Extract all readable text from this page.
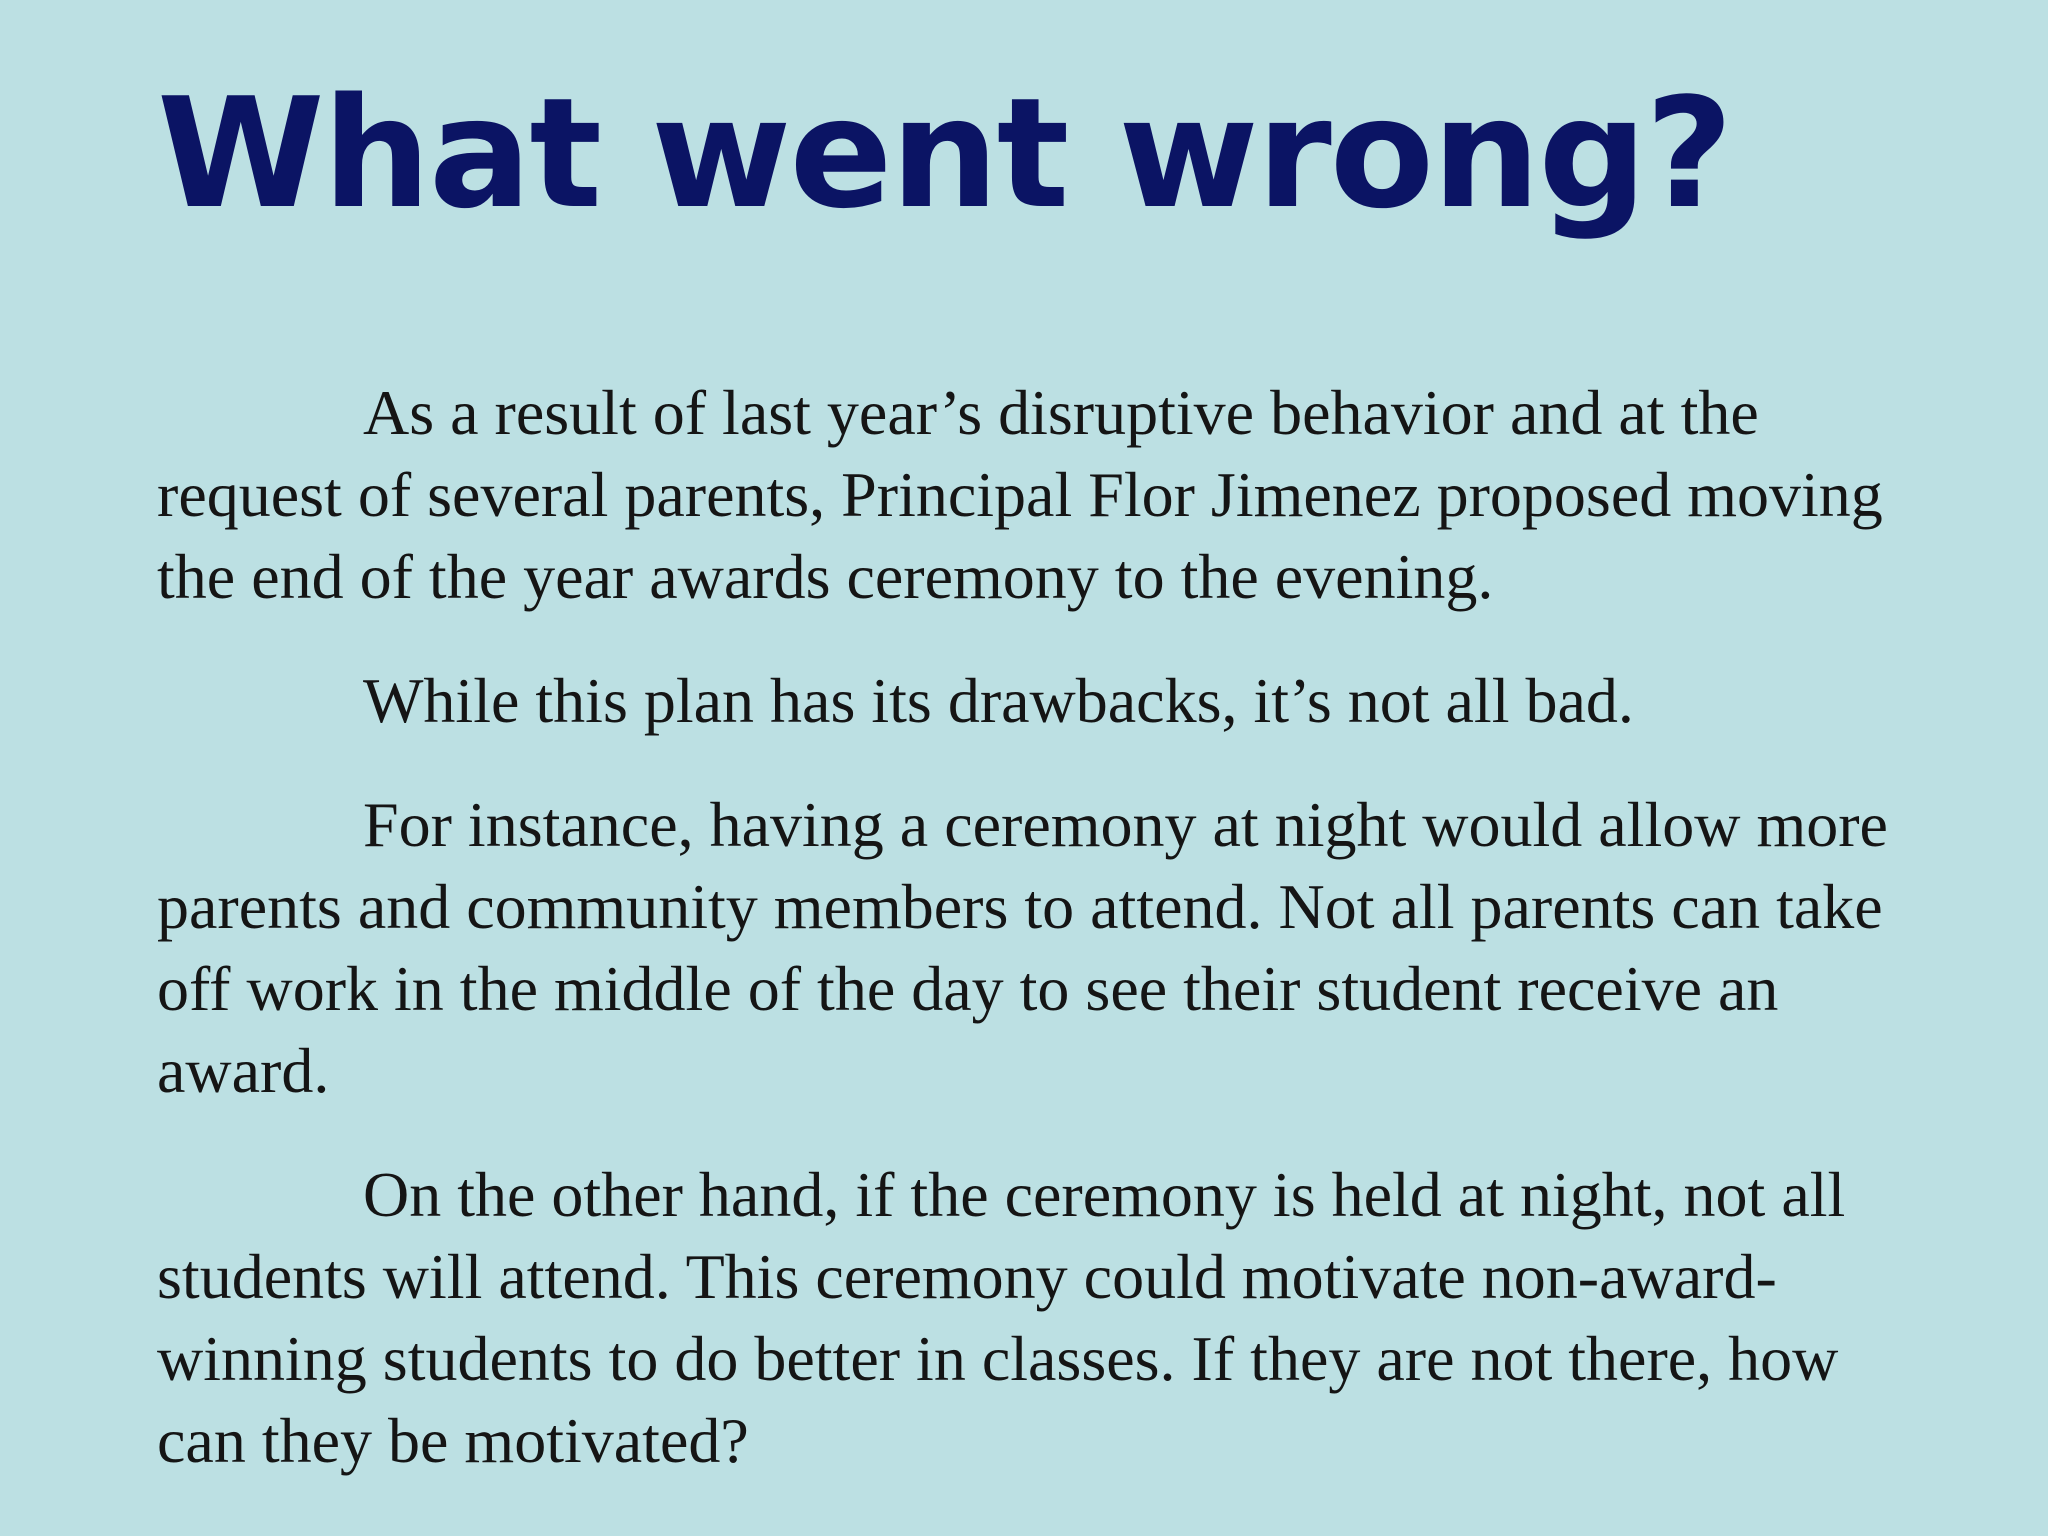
What went wrong?

As a result of last year’s disruptive behavior and at the request of several parents, Principal Flor Jimenez proposed moving the end of the year awards ceremony to the evening.

While this plan has its drawbacks, it’s not all bad.

For instance, having a ceremony at night would allow more parents and community members to attend. Not all parents can take off work in the middle of the day to see their student receive an award.

On the other hand, if the ceremony is held at night, not all students will attend. This ceremony could motivate non-award-winning students to do better in classes. If they are not there, how can they be motivated?
